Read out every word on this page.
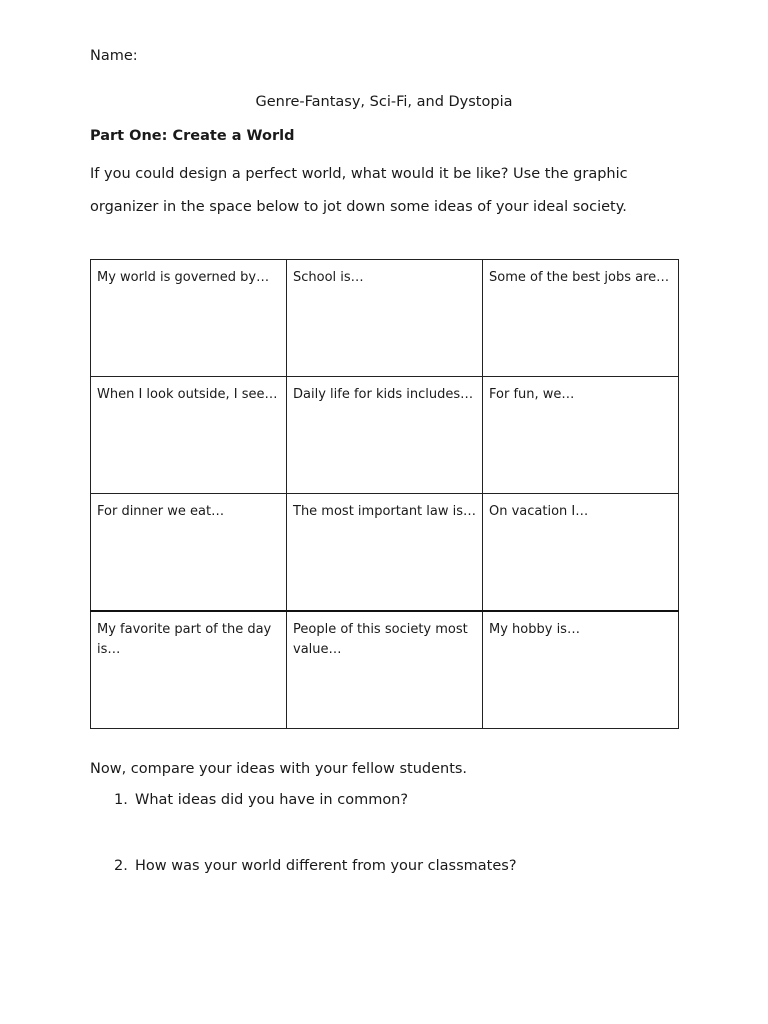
Name:
Genre-Fantasy, Sci-Fi, and Dystopia
Part One: Create a World

If you could design a perfect world, what would it be like? Use the graphic
organizer in the space below to jot down some ideas of your ideal society.

My world is governed by…	School is…	Some of the best jobs are…
When I look outside, I see…	Daily life for kids includes…	For fun, we…
For dinner we eat…	The most important law is…	On vacation I…
My favorite part of the day is…	People of this society most value…	My hobby is…
Now, compare your ideas with your fellow students.
1. What ideas did you have in common?
2. How was your world different from your classmates?
